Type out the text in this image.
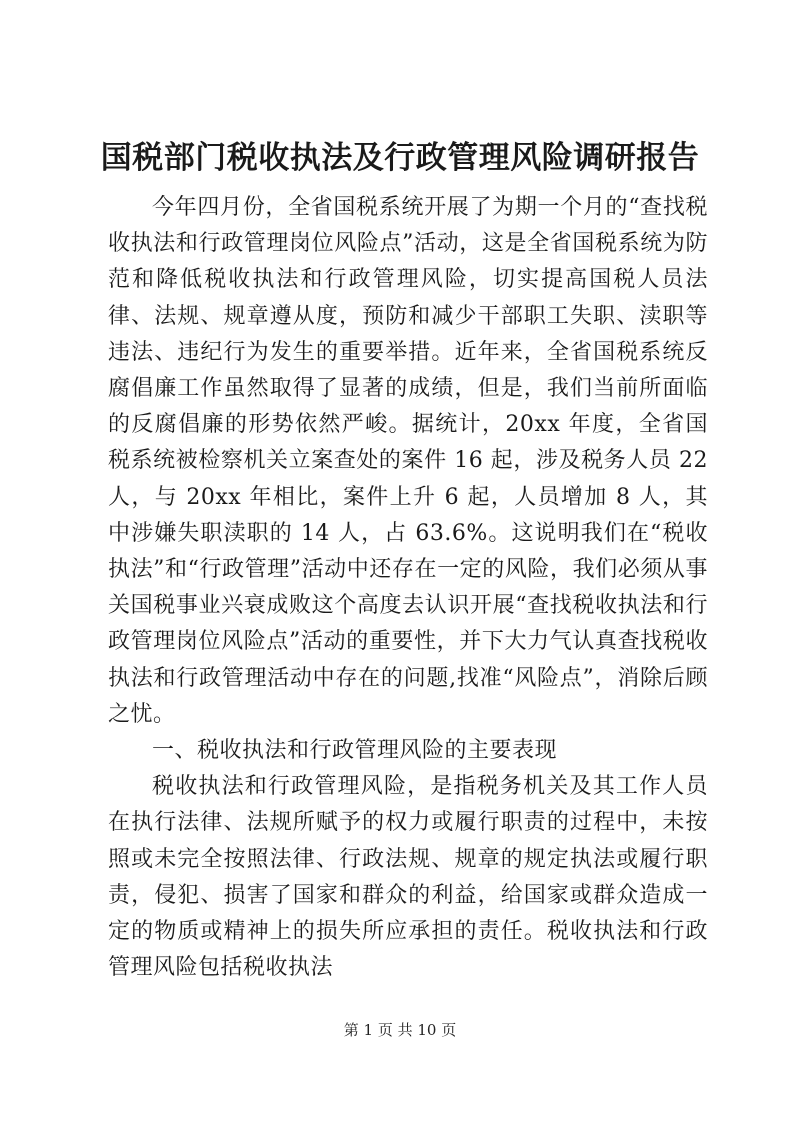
国税部门税收执法及行政管理风险调研报告

今年四月份，全省国税系统开展了为期一个月的“查找税收执法和行政管理岗位风险点”活动，这是全省国税系统为防范和降低税收执法和行政管理风险，切实提高国税人员法律、法规、规章遵从度，预防和减少干部职工失职、渎职等违法、违纪行为发生的重要举措。近年来，全省国税系统反腐倡廉工作虽然取得了显著的成绩，但是，我们当前所面临的反腐倡廉的形势依然严峻。据统计，20xx 年度，全省国税系统被检察机关立案查处的案件 16 起，涉及税务人员 22 人，与 20xx 年相比，案件上升 6 起，人员增加 8 人，其中涉嫌失职渎职的 14 人，占 63.6%。这说明我们在“税收执法”和“行政管理”活动中还存在一定的风险，我们必须从事关国税事业兴衰成败这个高度去认识开展“查找税收执法和行政管理岗位风险点”活动的重要性，并下大力气认真查找税收执法和行政管理活动中存在的问题,找准“风险点”，消除后顾之忧。

一、税收执法和行政管理风险的主要表现

税收执法和行政管理风险，是指税务机关及其工作人员在执行法律、法规所赋予的权力或履行职责的过程中，未按照或未完全按照法律、行政法规、规章的规定执法或履行职责，侵犯、损害了国家和群众的利益，给国家或群众造成一定的物质或精神上的损失所应承担的责任。税收执法和行政管理风险包括税收执法

第 1 页 共 10 页
